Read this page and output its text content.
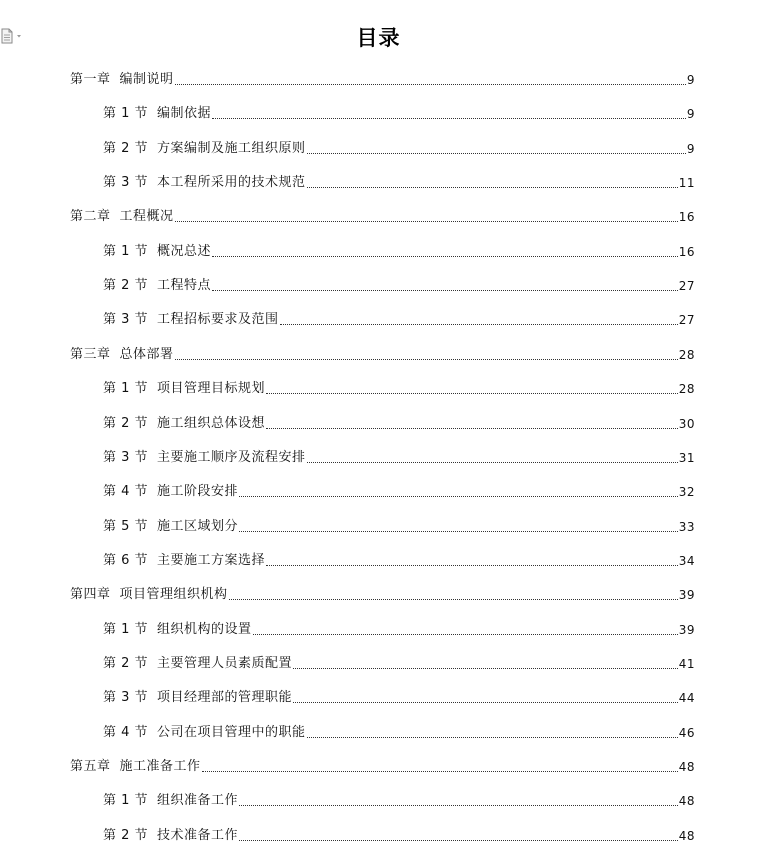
目录
第一章 编制说明	9
第 1 节 编制依据	9
第 2 节 方案编制及施工组织原则	9
第 3 节 本工程所采用的技术规范	11
第二章 工程概况	16
第 1 节 概况总述	16
第 2 节 工程特点	27
第 3 节 工程招标要求及范围	27
第三章 总体部署	28
第 1 节 项目管理目标规划	28
第 2 节 施工组织总体设想	30
第 3 节 主要施工顺序及流程安排	31
第 4 节 施工阶段安排	32
第 5 节 施工区域划分	33
第 6 节 主要施工方案选择	34
第四章 项目管理组织机构	39
第 1 节 组织机构的设置	39
第 2 节 主要管理人员素质配置	41
第 3 节 项目经理部的管理职能	44
第 4 节 公司在项目管理中的职能	46
第五章 施工准备工作	48
第 1 节 组织准备工作	48
第 2 节 技术准备工作	48
